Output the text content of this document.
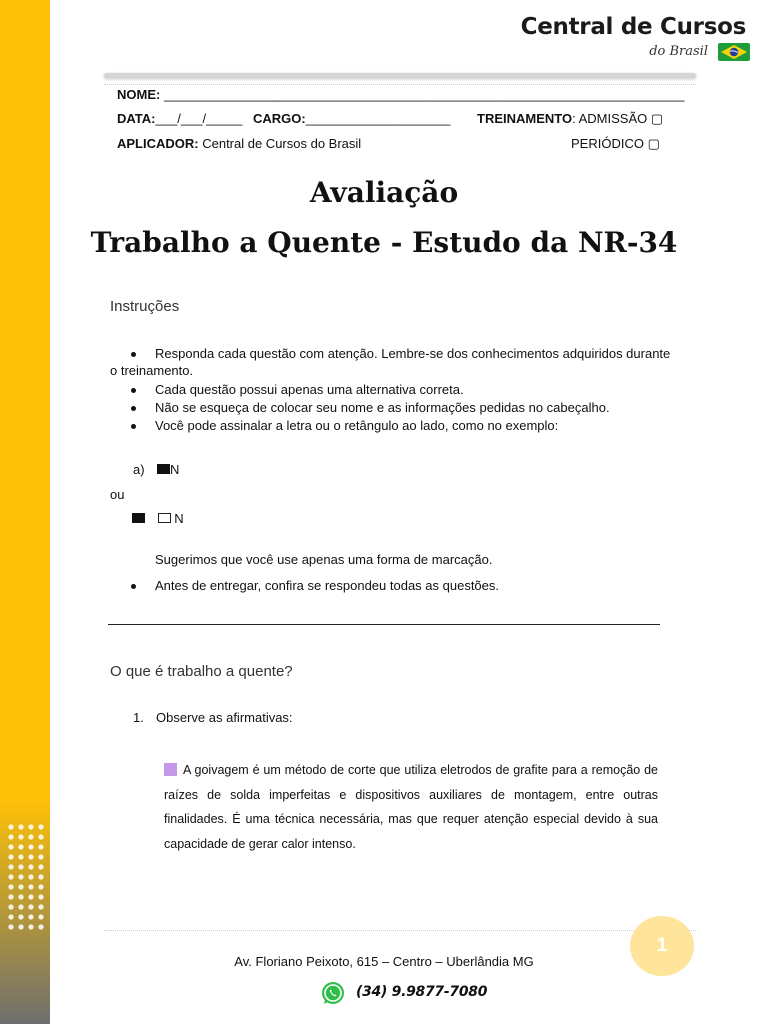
Central de Cursos
do Brasil
NOME: ________________________________________________________________________
DATA:___/___/_____ CARGO:____________________ TREINAMENTO: ADMISSÃO ▢
APLICADOR: Central de Cursos do Brasil	PERIÓDICO ▢
Avaliação
Trabalho a Quente - Estudo da NR-34
Instruções
Responda cada questão com atenção. Lembre-se dos conhecimentos adquiridos durante
o treinamento.
Cada questão possui apenas uma alternativa correta.
Não se esqueça de colocar seu nome e as informações pedidas no cabeçalho.
Você pode assinalar a letra ou o retângulo ao lado, como no exemplo:
a)	N
ou
N
Sugerimos que você use apenas uma forma de marcação.
Antes de entregar, confira se respondeu todas as questões.
O que é trabalho a quente?
1. Observe as afirmativas:
A goivagem é um método de corte que utiliza eletrodos de grafite para a remoção de raízes de solda imperfeitas e dispositivos auxiliares de montagem, entre outras finalidades. É uma técnica necessária, mas que requer atenção especial devido à sua capacidade de gerar calor intenso.
1
Av. Floriano Peixoto, 615 – Centro – Uberlândia MG
(34) 9.9877-7080
